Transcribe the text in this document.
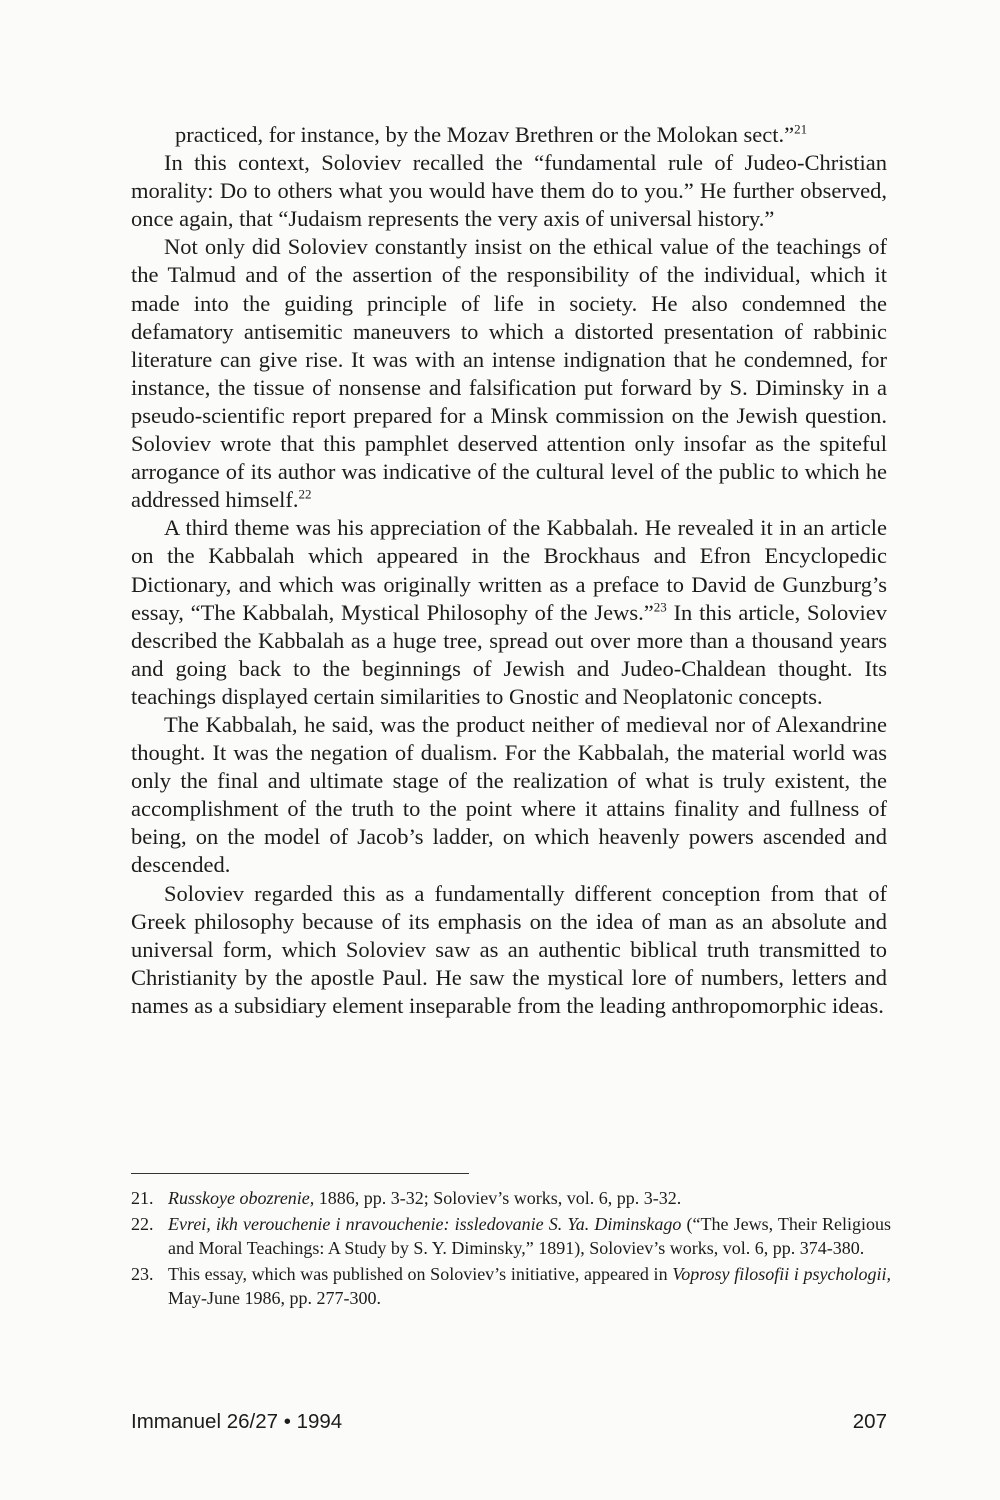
practiced, for instance, by the Mozav Brethren or the Molokan sect.”$^{21}$

In this context, Soloviev recalled the “fundamental rule of Judeo-Christian morality: Do to others what you would have them do to you.” He further observed, once again, that “Judaism represents the very axis of universal history.”

Not only did Soloviev constantly insist on the ethical value of the teachings of the Talmud and of the assertion of the responsibility of the individual, which it made into the guiding principle of life in society. He also condemned the defamatory antisemitic maneuvers to which a distorted presentation of rabbinic literature can give rise. It was with an intense indignation that he condemned, for instance, the tissue of nonsense and falsification put forward by S. Diminsky in a pseudo-scientific report prepared for a Minsk commission on the Jewish question. Soloviev wrote that this pamphlet deserved attention only insofar as the spiteful arrogance of its author was indicative of the cultural level of the public to which he addressed himself.$^{22}$

A third theme was his appreciation of the Kabbalah. He revealed it in an article on the Kabbalah which appeared in the Brockhaus and Efron Encyclopedic Dictionary, and which was originally written as a preface to David de Gunzburg’s essay, “The Kabbalah, Mystical Philosophy of the Jews.”$^{23}$ In this article, Soloviev described the Kabbalah as a huge tree, spread out over more than a thousand years and going back to the beginnings of Jewish and Judeo-Chaldean thought. Its teachings displayed certain similarities to Gnostic and Neoplatonic concepts.

The Kabbalah, he said, was the product neither of medieval nor of Alexandrine thought. It was the negation of dualism. For the Kabbalah, the material world was only the final and ultimate stage of the realization of what is truly existent, the accomplishment of the truth to the point where it attains finality and fullness of being, on the model of Jacob’s ladder, on which heavenly powers ascended and descended.

Soloviev regarded this as a fundamentally different conception from that of Greek philosophy because of its emphasis on the idea of man as an absolute and universal form, which Soloviev saw as an authentic biblical truth transmitted to Christianity by the apostle Paul. He saw the mystical lore of numbers, letters and names as a subsidiary element inseparable from the leading anthropomorphic ideas.

21. Russkoye obozrenie, 1886, pp. 3-32; Soloviev’s works, vol. 6, pp. 3-32.
22. Evrei, ikh verouchenie i nravouchenie: issledovanie S. Ya. Diminskago (“The Jews, Their Religious and Moral Teachings: A Study by S. Y. Diminsky,” 1891), Soloviev’s works, vol. 6, pp. 374-380.
23. This essay, which was published on Soloviev’s initiative, appeared in Voprosy filosofii i psychologii, May-June 1986, pp. 277-300.
Immanuel 26/27 • 1994	207
